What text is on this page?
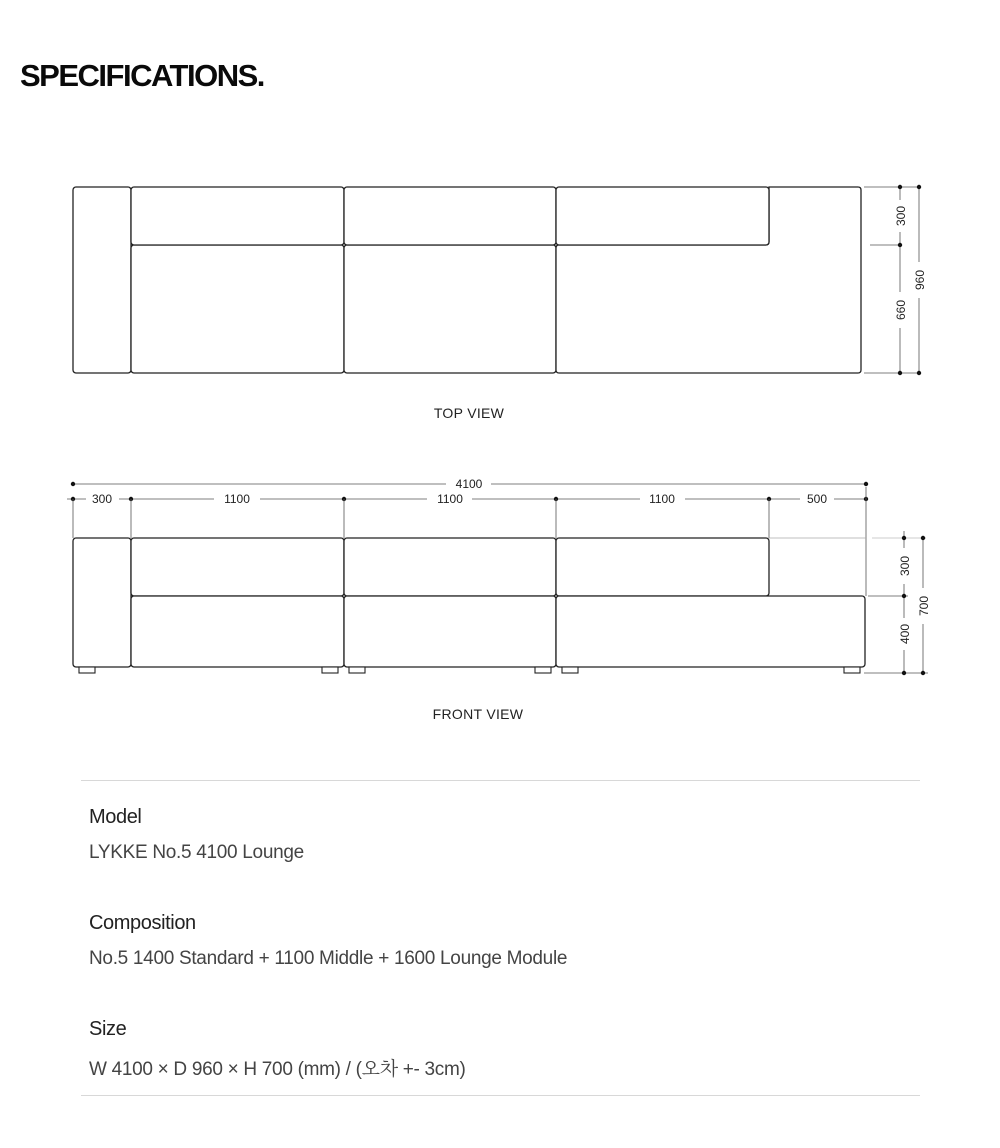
SPECIFICATIONS.
300
660
960
TOP VIEW
4100
300	1100	1100	1100	500
300
400
700
FRONT VIEW

Model

LYKKE No.5 4100 Lounge

Composition

No.5 1400 Standard + 1100 Middle + 1600 Lounge Module

Size

W 4100 × D 960 × H 700 (mm) / (오차 +- 3cm)
